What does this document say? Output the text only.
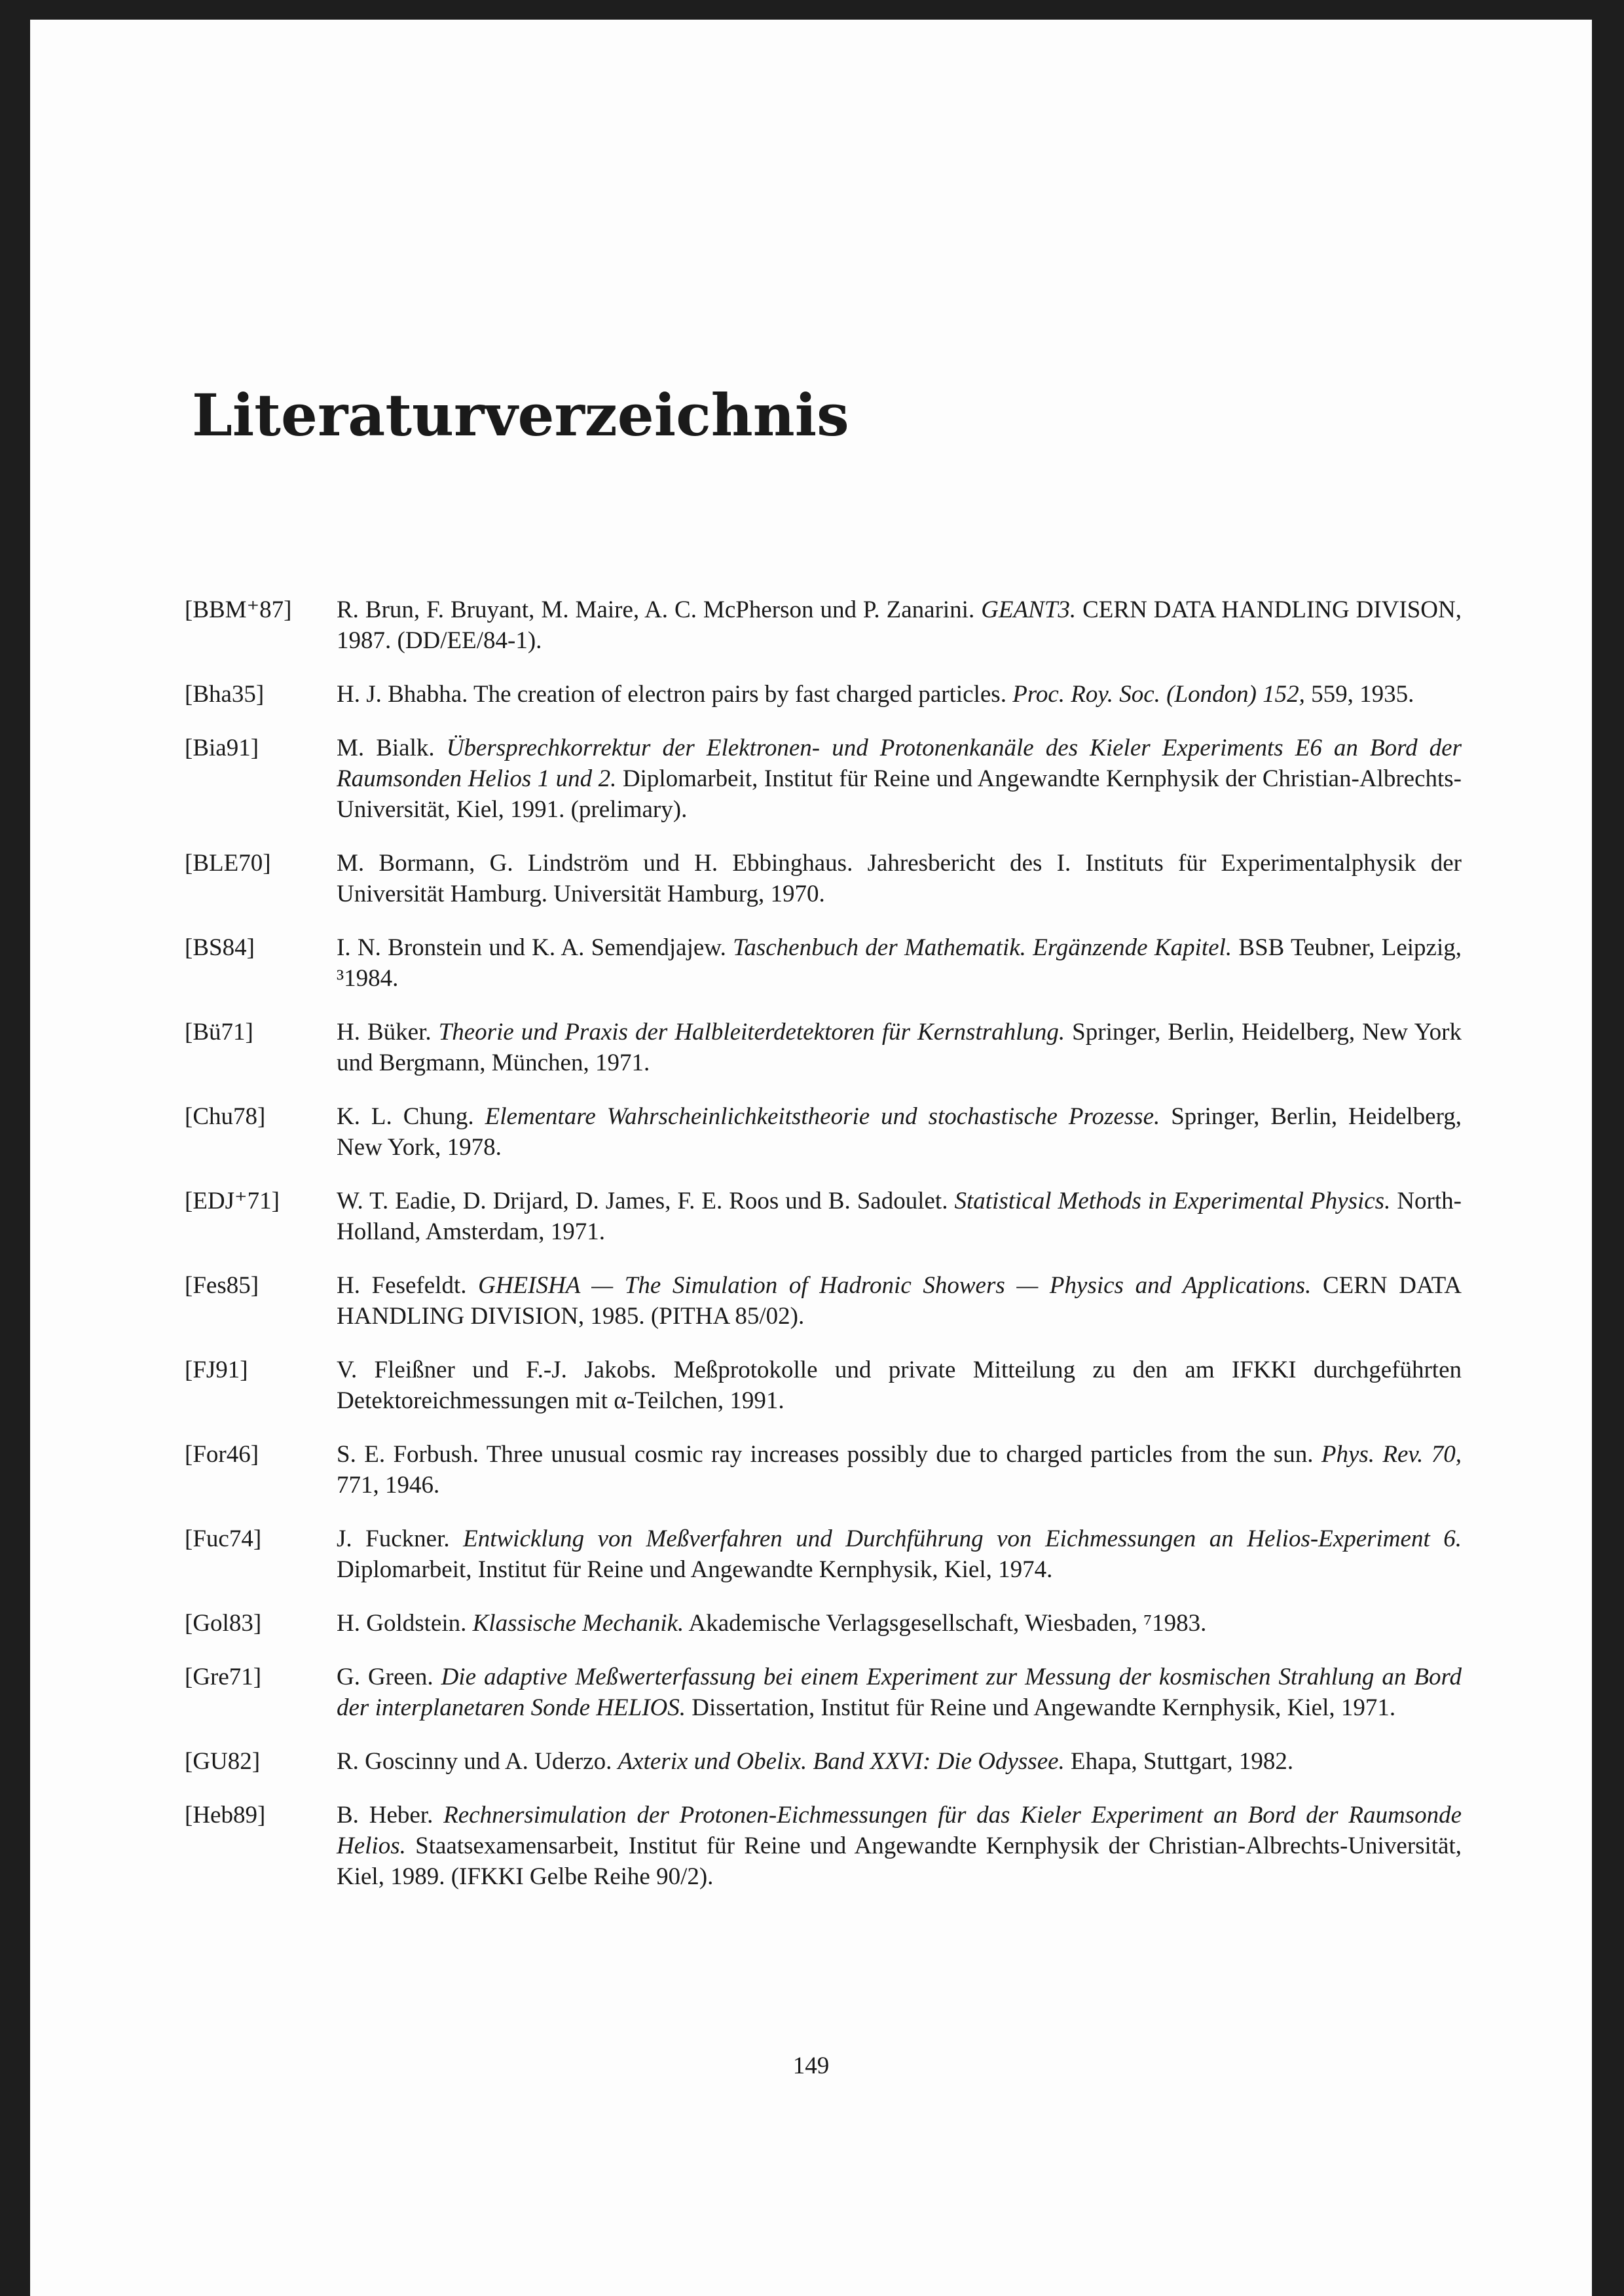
Literaturverzeichnis
[BBM⁺87]	R. Brun, F. Bruyant, M. Maire, A. C. McPherson und P. Zanarini. GEANT3. CERN DATA HANDLING DIVISON, 1987. (DD/EE/84-1).
[Bha35]	H. J. Bhabha. The creation of electron pairs by fast charged particles. Proc. Roy. Soc. (London) 152, 559, 1935.
[Bia91]	M. Bialk. Übersprechkorrektur der Elektronen- und Protonenkanäle des Kieler Experiments E6 an Bord der Raumsonden Helios 1 und 2. Diplomarbeit, Institut für Reine und Angewandte Kernphysik der Christian-Albrechts-Universität, Kiel, 1991. (prelimary).
[BLE70]	M. Bormann, G. Lindström und H. Ebbinghaus. Jahresbericht des I. Instituts für Experimentalphysik der Universität Hamburg. Universität Hamburg, 1970.
[BS84]	I. N. Bronstein und K. A. Semendjajew. Taschenbuch der Mathematik. Ergänzende Kapitel. BSB Teubner, Leipzig, ³1984.
[Bü71]	H. Büker. Theorie und Praxis der Halbleiterdetektoren für Kernstrahlung. Springer, Berlin, Heidelberg, New York und Bergmann, München, 1971.
[Chu78]	K. L. Chung. Elementare Wahrscheinlichkeitstheorie und stochastische Prozesse. Springer, Berlin, Heidelberg, New York, 1978.
[EDJ⁺71]	W. T. Eadie, D. Drijard, D. James, F. E. Roos und B. Sadoulet. Statistical Methods in Experimental Physics. North-Holland, Amsterdam, 1971.
[Fes85]	H. Fesefeldt. GHEISHA — The Simulation of Hadronic Showers — Physics and Applications. CERN DATA HANDLING DIVISION, 1985. (PITHA 85/02).
[FJ91]	V. Fleißner und F.-J. Jakobs. Meßprotokolle und private Mitteilung zu den am IFKKI durchgeführten Detektoreichmessungen mit α-Teilchen, 1991.
[For46]	S. E. Forbush. Three unusual cosmic ray increases possibly due to charged particles from the sun. Phys. Rev. 70, 771, 1946.
[Fuc74]	J. Fuckner. Entwicklung von Meßverfahren und Durchführung von Eichmessungen an Helios-Experiment 6. Diplomarbeit, Institut für Reine und Angewandte Kernphysik, Kiel, 1974.
[Gol83]	H. Goldstein. Klassische Mechanik. Akademische Verlagsgesellschaft, Wiesbaden, ⁷1983.
[Gre71]	G. Green. Die adaptive Meßwerterfassung bei einem Experiment zur Messung der kosmischen Strahlung an Bord der interplanetaren Sonde HELIOS. Dissertation, Institut für Reine und Angewandte Kernphysik, Kiel, 1971.
[GU82]	R. Goscinny und A. Uderzo. Axterix und Obelix. Band XXVI: Die Odyssee. Ehapa, Stuttgart, 1982.
[Heb89]	B. Heber. Rechnersimulation der Protonen-Eichmessungen für das Kieler Experiment an Bord der Raumsonde Helios. Staatsexamensarbeit, Institut für Reine und Angewandte Kernphysik der Christian-Albrechts-Universität, Kiel, 1989. (IFKKI Gelbe Reihe 90/2).
149
